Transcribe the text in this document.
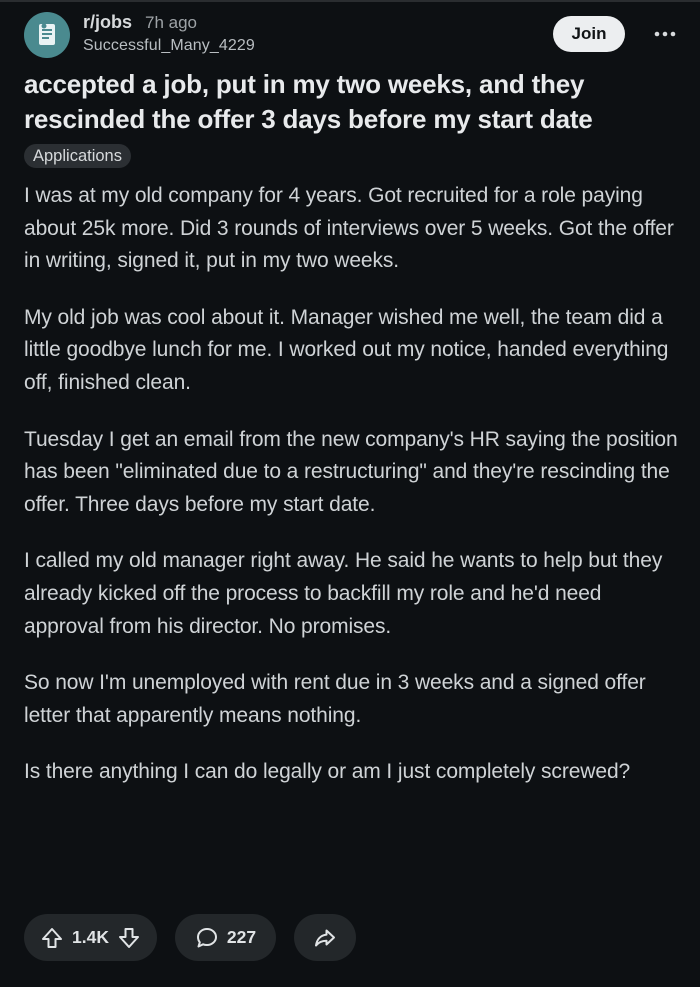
r/jobs 7h ago
Successful_Many_4229
Join
accepted a job, put in my two weeks, and they rescinded the offer 3 days before my start date
Applications

I was at my old company for 4 years. Got recruited for a role paying about 25k more. Did 3 rounds of interviews over 5 weeks. Got the offer in writing, signed it, put in my two weeks.

My old job was cool about it. Manager wished me well, the team did a little goodbye lunch for me. I worked out my notice, handed everything off, finished clean.

Tuesday I get an email from the new company's HR saying the position has been "eliminated due to a restructuring" and they're rescinding the offer. Three days before my start date.

I called my old manager right away. He said he wants to help but they already kicked off the process to backfill my role and he'd need approval from his director. No promises.

So now I'm unemployed with rent due in 3 weeks and a signed offer letter that apparently means nothing.

Is there anything I can do legally or am I just completely screwed?

1.4K	227
